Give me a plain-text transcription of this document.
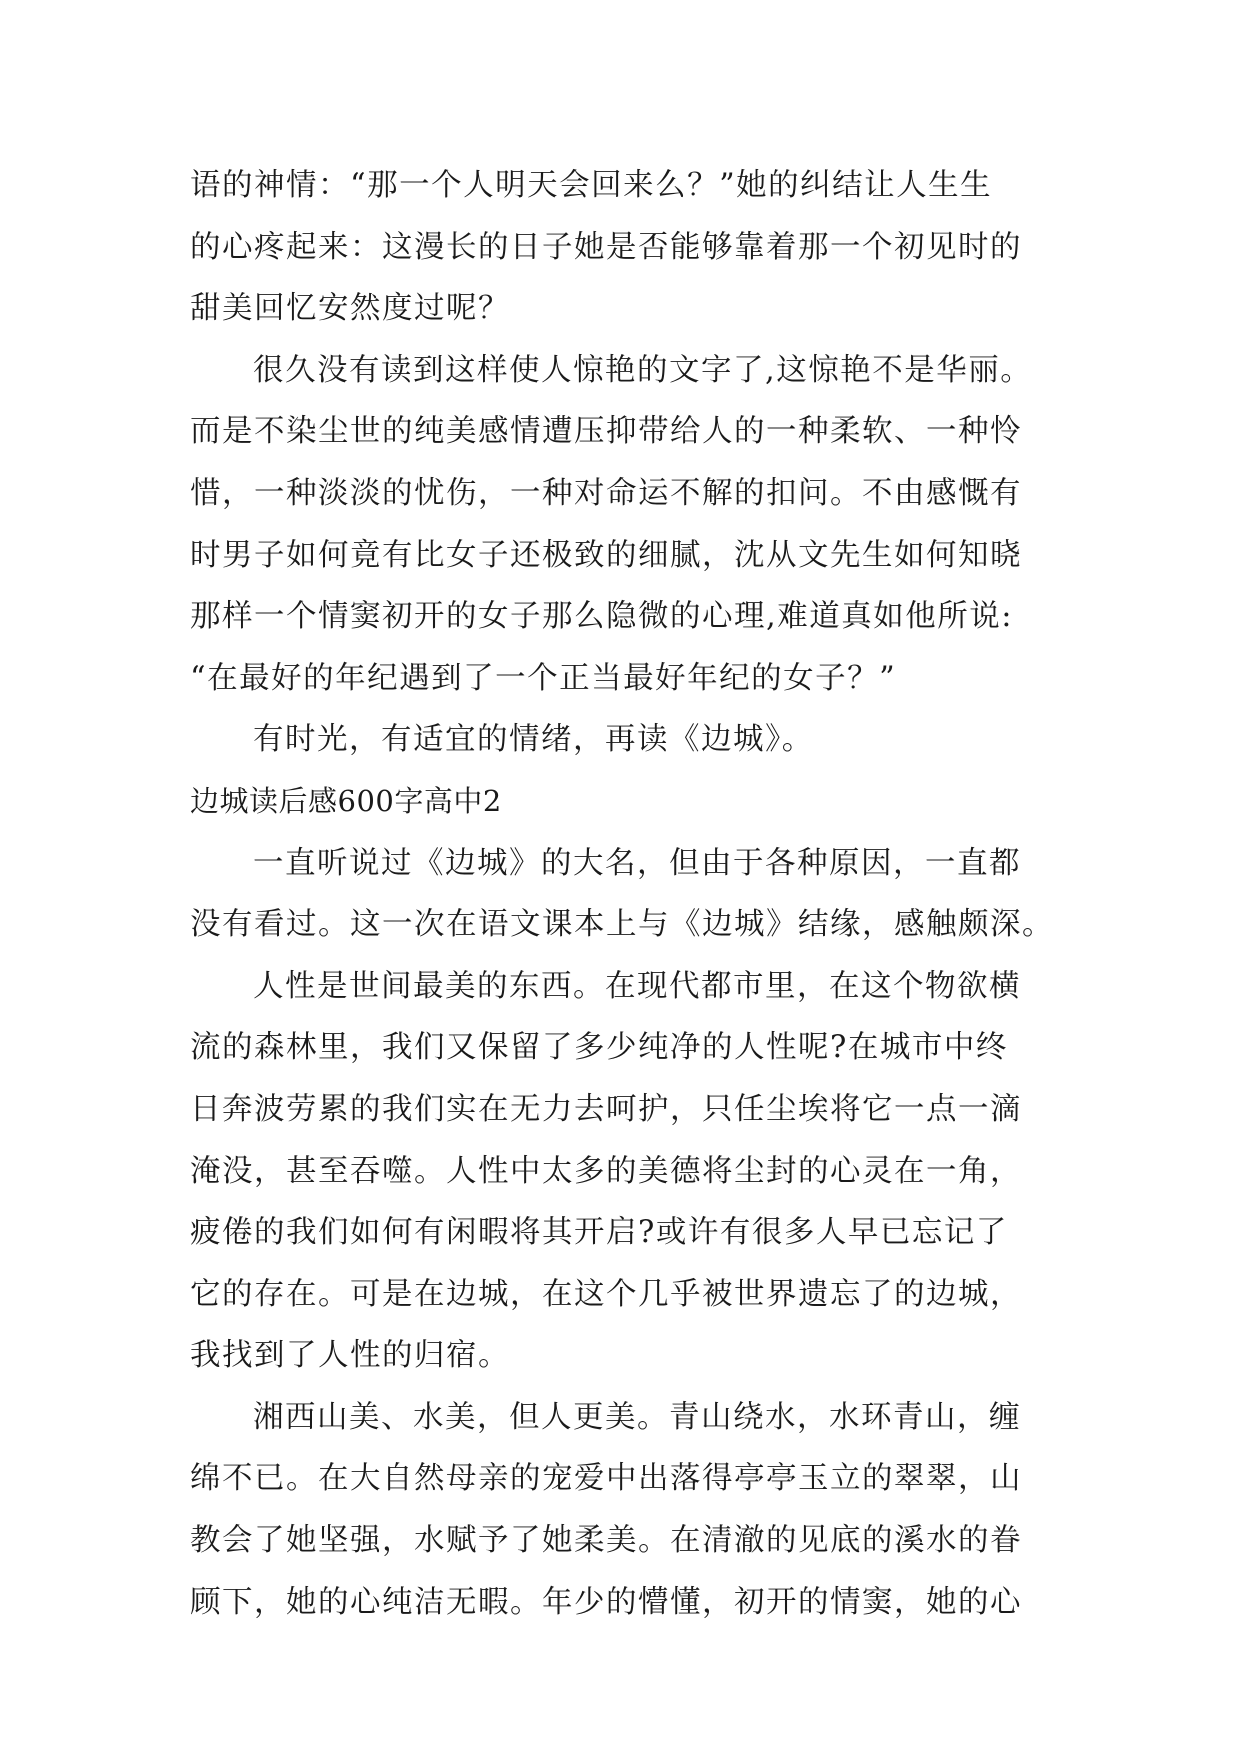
语的神情：“那一个人明天会回来么？”她的纠结让人生生
的心疼起来：这漫长的日子她是否能够靠着那一个初见时的
甜美回忆安然度过呢？
很久没有读到这样使人惊艳的文字了,这惊艳不是华丽。
而是不染尘世的纯美感情遭压抑带给人的一种柔软、一种怜
惜，一种淡淡的忧伤，一种对命运不解的扣问。不由感慨有
时男子如何竟有比女子还极致的细腻，沈从文先生如何知晓
那样一个情窦初开的女子那么隐微的心理,难道真如他所说:
“在最好的年纪遇到了一个正当最好年纪的女子？”
有时光，有适宜的情绪，再读《边城》。
边城读后感600字高中2
一直听说过《边城》的大名，但由于各种原因，一直都
没有看过。这一次在语文课本上与《边城》结缘，感触颇深。
人性是世间最美的东西。在现代都市里，在这个物欲横
流的森林里，我们又保留了多少纯净的人性呢?在城市中终
日奔波劳累的我们实在无力去呵护，只任尘埃将它一点一滴
淹没，甚至吞噬。人性中太多的美德将尘封的心灵在一角，
疲倦的我们如何有闲暇将其开启?或许有很多人早已忘记了
它的存在。可是在边城，在这个几乎被世界遗忘了的边城，
我找到了人性的归宿。
湘西山美、水美，但人更美。青山绕水，水环青山，缠
绵不已。在大自然母亲的宠爱中出落得亭亭玉立的翠翠，山
教会了她坚强，水赋予了她柔美。在清澈的见底的溪水的眷
顾下，她的心纯洁无暇。年少的懵懂，初开的情窦，她的心
